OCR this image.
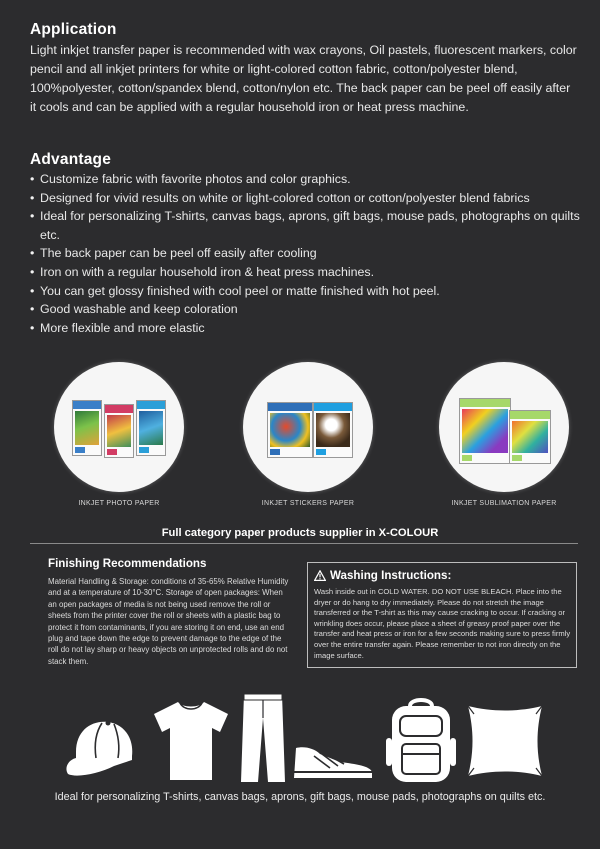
Application

Light inkjet transfer paper is recommended with wax crayons, Oil pastels, fluorescent markers, color pencil and all inkjet printers for white or light-colored cotton fabric, cotton/polyester blend, 100%polyester, cotton/spandex blend, cotton/nylon etc. The back paper can be peel off easily after it cools and can be applied with a regular household iron or heat press machine.

Advantage
• Customize fabric with favorite photos and color graphics.
• Designed for vivid results on white or light-colored cotton or cotton/polyester blend fabrics
• Ideal for personalizing T-shirts, canvas bags, aprons, gift bags, mouse pads, photographs on quilts etc.
• The back paper can be peel off easily after cooling
• Iron on with a regular household iron & heat press machines.
• You can get glossy finished with cool peel or matte finished with hot peel.
• Good washable and keep coloration
• More flexible and more elastic
INKJET PHOTO PAPER	INKJET STICKERS PAPER	INKJET SUBLIMATION PAPER
Full category paper products supplier in X-COLOUR
Finishing Recommendations

Material Handling & Storage: conditions of 35-65% Relative Humidity and at a temperature of 10-30°C. Storage of open packages: When an open packages of media is not being used remove the roll or sheets from the printer cover the roll or sheets with a plastic bag to protect it from contaminants, if you are storing it on end, use an end plug and tape down the edge to prevent damage to the edge of the roll do not lay sharp or heavy objects on unprotected rolls and do not stack them.

Washing Instructions:

Wash inside out in COLD WATER. DO NOT USE BLEACH. Place into the dryer or do hang to dry immediately. Please do not stretch the image transferred or the T-shirt as this may cause cracking to occur. If cracking or wrinkling does occur, please place a sheet of greasy proof paper over the transfer and heat press or iron for a few seconds making sure to press firmly over the entire transfer again. Please remember to not iron directly on the image surface.

Ideal for personalizing T-shirts, canvas bags, aprons, gift bags, mouse pads, photographs on quilts etc.
